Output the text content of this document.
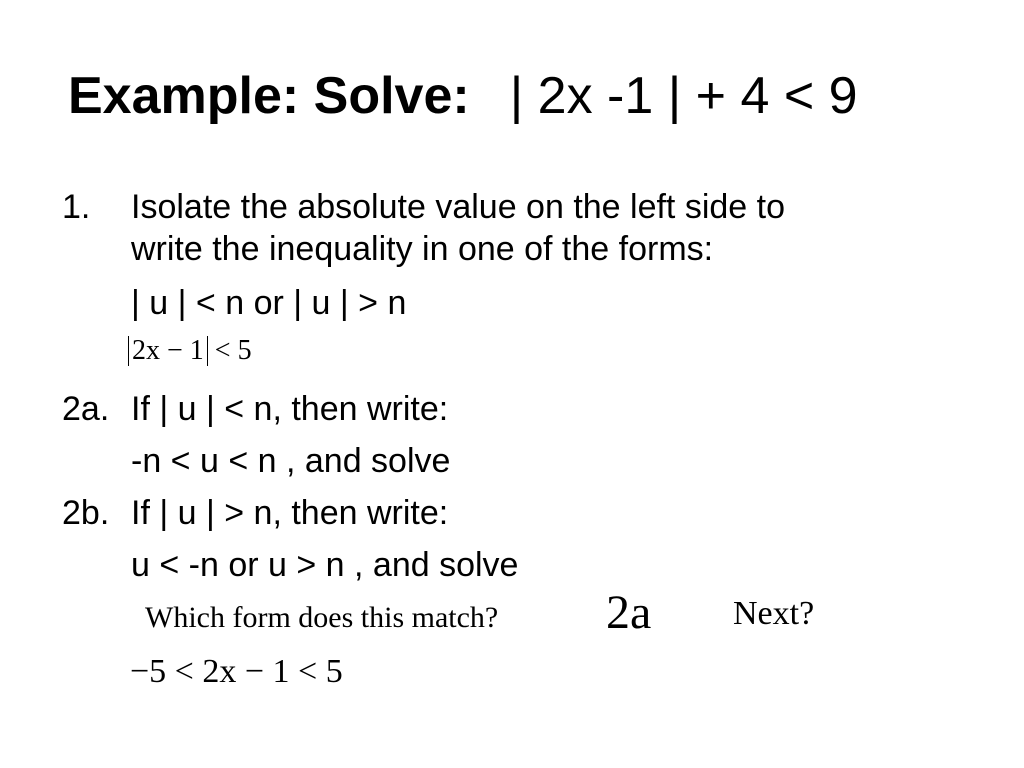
Example: Solve: | 2x -1 | + 4 < 9
1. Isolate the absolute value on the left side to
write the inequality in one of the forms:
| u | < n or | u | > n
2x − 1 < 5
2a. If | u | < n, then write:
-n < u < n , and solve
2b. If | u | > n, then write:
u < -n or u > n , and solve
Which form does this match? 2a Next?
−5 < 2x − 1 < 5
